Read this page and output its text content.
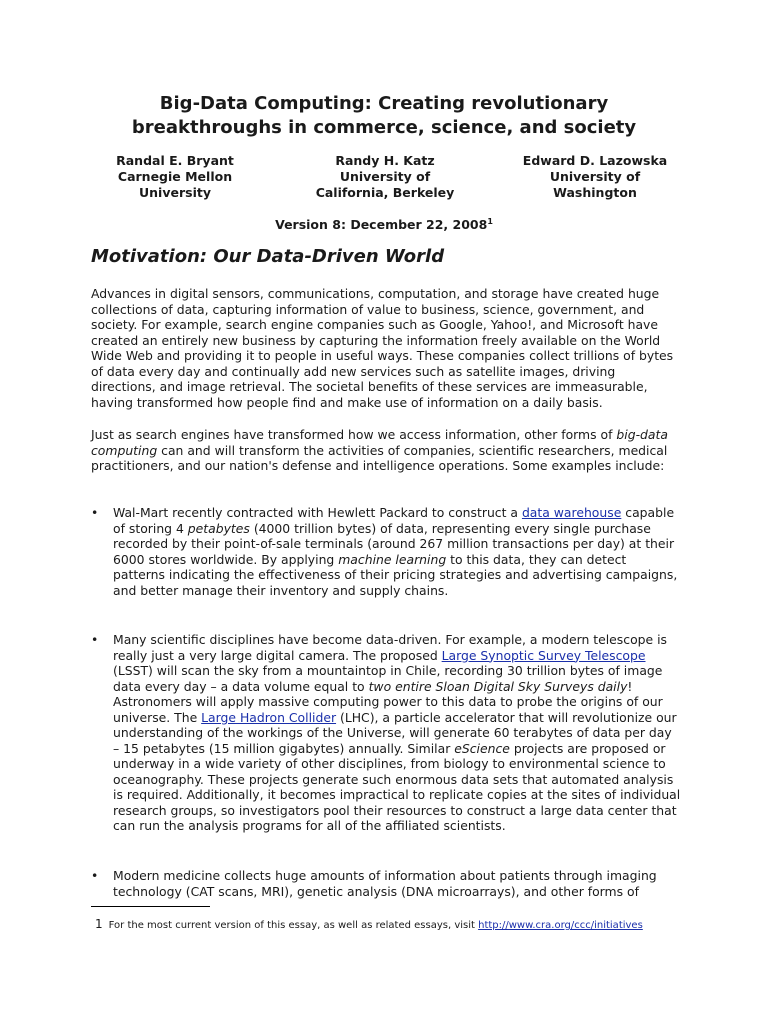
Big-Data Computing: Creating revolutionary
breakthroughs in commerce, science, and society
Randal E. Bryant
Carnegie Mellon
University
Randy H. Katz
University of
California, Berkeley
Edward D. Lazowska
University of
Washington
Version 8: December 22, 2008$^1$
Motivation: Our Data-Driven World

Advances in digital sensors, communications, computation, and storage have created huge collections of data, capturing information of value to business, science, government, and society. For example, search engine companies such as Google, Yahoo!, and Microsoft have created an entirely new business by capturing the information freely available on the World Wide Web and providing it to people in useful ways. These companies collect trillions of bytes of data every day and continually add new services such as satellite images, driving directions, and image retrieval. The societal benefits of these services are immeasurable, having transformed how people find and make use of information on a daily basis.

Just as search engines have transformed how we access information, other forms of big-data computing can and will transform the activities of companies, scientific researchers, medical practitioners, and our nation's defense and intelligence operations. Some examples include:

• Wal-Mart recently contracted with Hewlett Packard to construct a data warehouse capable of storing 4 petabytes (4000 trillion bytes) of data, representing every single purchase recorded by their point-of-sale terminals (around 267 million transactions per day) at their 6000 stores worldwide. By applying machine learning to this data, they can detect patterns indicating the effectiveness of their pricing strategies and advertising campaigns, and better manage their inventory and supply chains.

• Many scientific disciplines have become data-driven. For example, a modern telescope is really just a very large digital camera. The proposed Large Synoptic Survey Telescope (LSST) will scan the sky from a mountaintop in Chile, recording 30 trillion bytes of image data every day – a data volume equal to two entire Sloan Digital Sky Surveys daily! Astronomers will apply massive computing power to this data to probe the origins of our universe. The Large Hadron Collider (LHC), a particle accelerator that will revolutionize our understanding of the workings of the Universe, will generate 60 terabytes of data per day – 15 petabytes (15 million gigabytes) annually. Similar eScience projects are proposed or underway in a wide variety of other disciplines, from biology to environmental science to oceanography. These projects generate such enormous data sets that automated analysis is required. Additionally, it becomes impractical to replicate copies at the sites of individual research groups, so investigators pool their resources to construct a large data center that can run the analysis programs for all of the affiliated scientists.

• Modern medicine collects huge amounts of information about patients through imaging technology (CAT scans, MRI), genetic analysis (DNA microarrays), and other forms of

1 For the most current version of this essay, as well as related essays, visit http://www.cra.org/ccc/initiatives
